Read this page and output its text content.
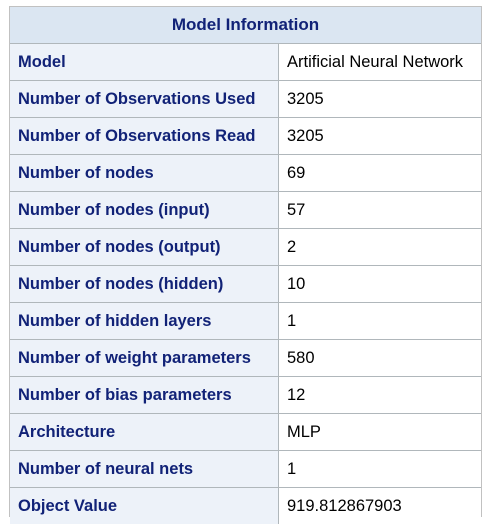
Model Information	
Model	Artificial Neural Network
Number of Observations Used	3205
Number of Observations Read	3205
Number of nodes	69
Number of nodes (input)	57
Number of nodes (output)	2
Number of nodes (hidden)	10
Number of hidden layers	1
Number of weight parameters	580
Number of bias parameters	12
Architecture	MLP
Number of neural nets	1
Object Value	919.812867903
